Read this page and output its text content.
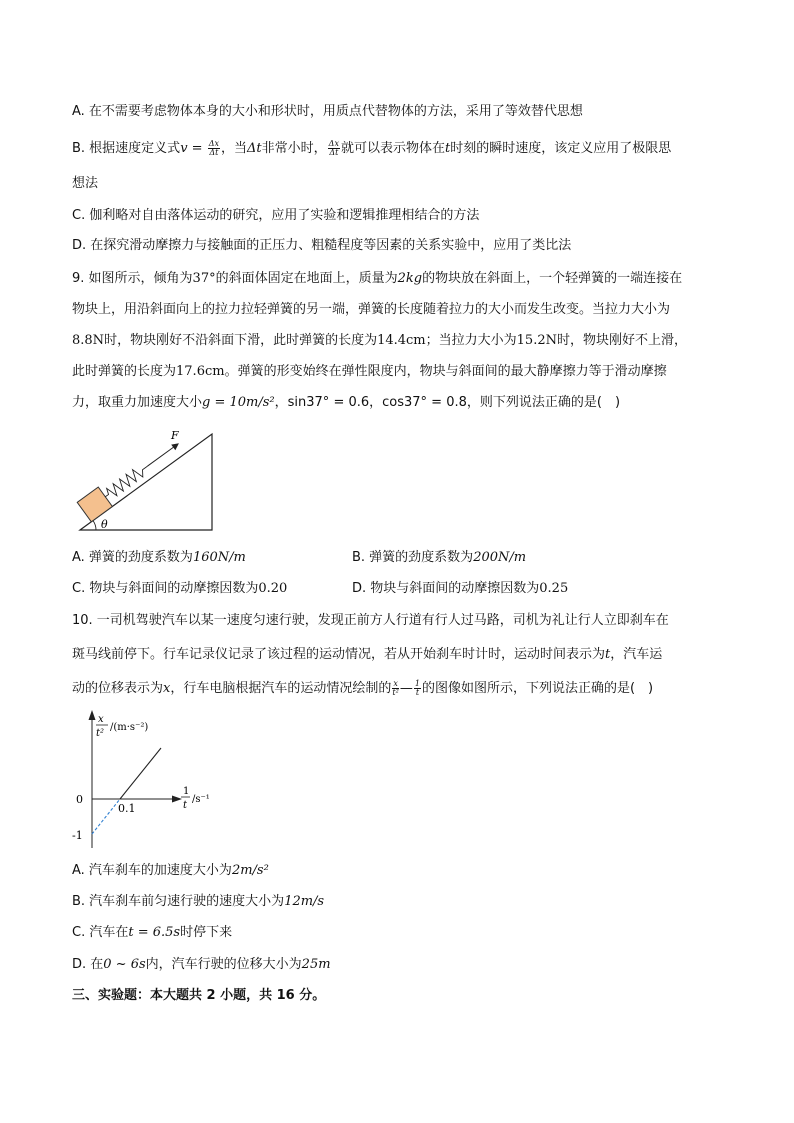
A. 在不需要考虑物体本身的大小和形状时，用质点代替物体的方法，采用了等效替代思想
B. 根据速度定义式$v = \frac{\Delta x}{\Delta t}$ ，当Δt非常小时， $\frac{\Delta x}{\Delta t}$ 就可以表示物体在t时刻的瞬时速度，该定义应用了极限思
想法
C. 伽利略对自由落体运动的研究，应用了实验和逻辑推理相结合的方法
D. 在探究滑动摩擦力与接触面的正压力、粗糙程度等因素的关系实验中，应用了类比法
9. 如图所示，倾角为37°的斜面体固定在地面上，质量为2kg的物块放在斜面上，一个轻弹簧的一端连接在
物块上，用沿斜面向上的拉力拉轻弹簧的另一端，弹簧的长度随着拉力的大小而发生改变。当拉力大小为
8.8N时，物块刚好不沿斜面下滑，此时弹簧的长度为14.4cm；当拉力大小为15.2N时，物块刚好不上滑，
此时弹簧的长度为17.6cm。弹簧的形变始终在弹性限度内，物块与斜面间的最大静摩擦力等于滑动摩擦
力，取重力加速度大小g = 10m/s²，sin37° = 0.6，cos37° = 0.8，则下列说法正确的是(　)
F
θ
A. 弹簧的劲度系数为160N/m	B. 弹簧的劲度系数为200N/m
C. 物块与斜面间的动摩擦因数为0.20	D. 物块与斜面间的动摩擦因数为0.25
10. 一司机驾驶汽车以某一速度匀速行驶，发现正前方人行道有行人过马路，司机为礼让行人立即刹车在
斑马线前停下。行车记录仪记录了该过程的运动情况，若从开始刹车时计时，运动时间表示为t，汽车运
动的位移表示为x，行车电脑根据汽车的运动情况绘制的 $\frac{x}{\text{t²}}$ — $\frac{1}{t}$ 的图像如图所示，下列说法正确的是(　)
x
t²
/(m·s⁻²)
1
t
/s⁻¹
0
0.1
-1
A. 汽车刹车的加速度大小为2m/s²
B. 汽车刹车前匀速行驶的速度大小为12m/s
C. 汽车在t = 6.5s时停下来
D. 在0 ~ 6s内，汽车行驶的位移大小为25m
三、实验题：本大题共 2 小题，共 16 分。
